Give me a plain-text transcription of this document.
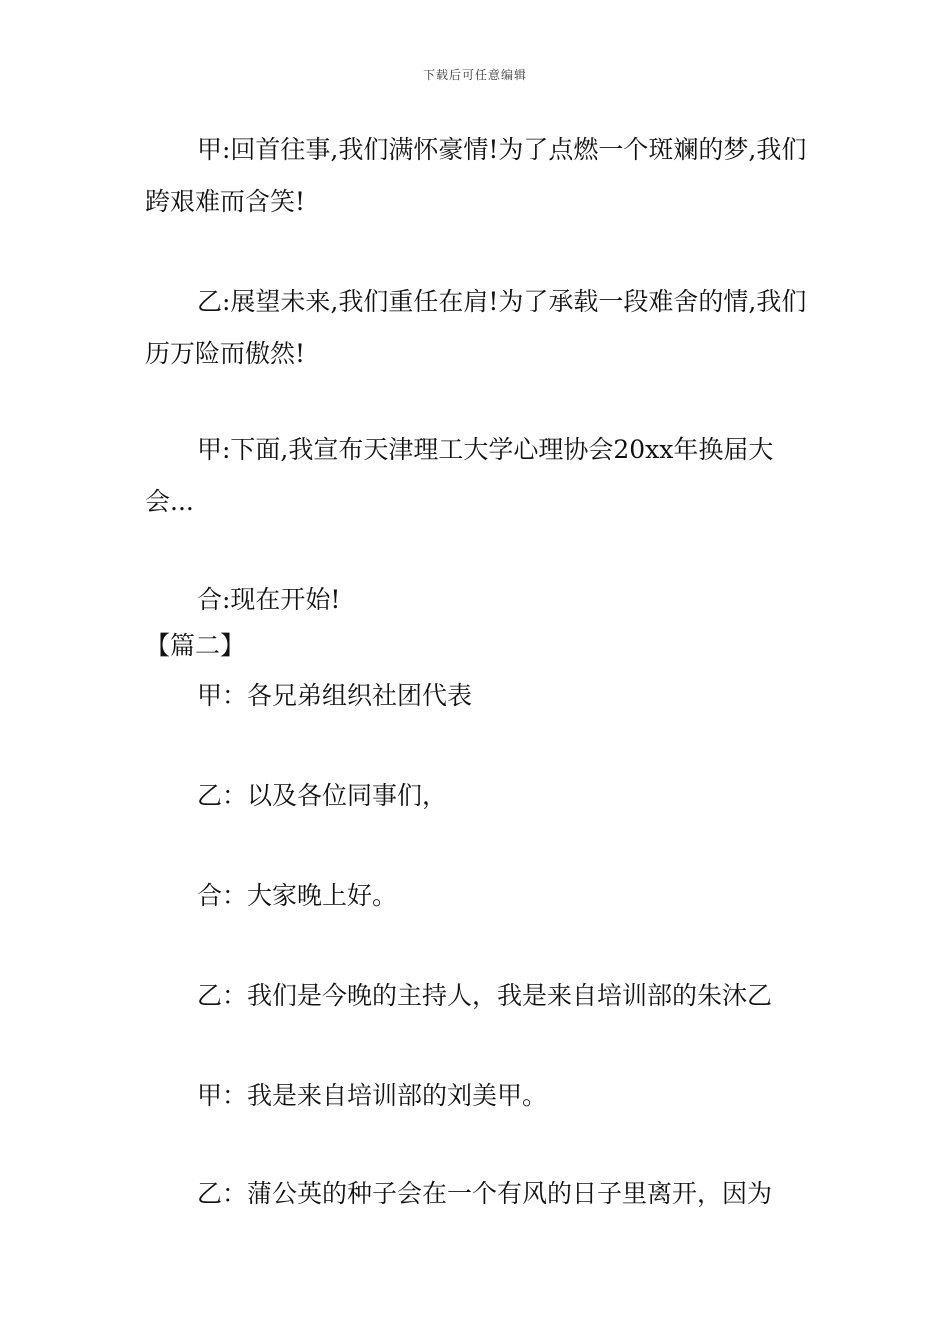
下载后可任意编辑
甲:回首往事,我们满怀豪情!为了点燃一个斑斓的梦,我们跨艰难而含笑!
乙:展望未来,我们重任在肩!为了承载一段难舍的情,我们历万险而傲然!
甲:下面,我宣布天津理工大学心理协会20xx年换届大会...
合:现在开始!
【篇二】
甲：各兄弟组织社团代表
乙：以及各位同事们，
合：大家晚上好。
乙：我们是今晚的主持人，我是来自培训部的朱沐乙
甲：我是来自培训部的刘美甲。
乙：蒲公英的种子会在一个有风的日子里离开，因为
